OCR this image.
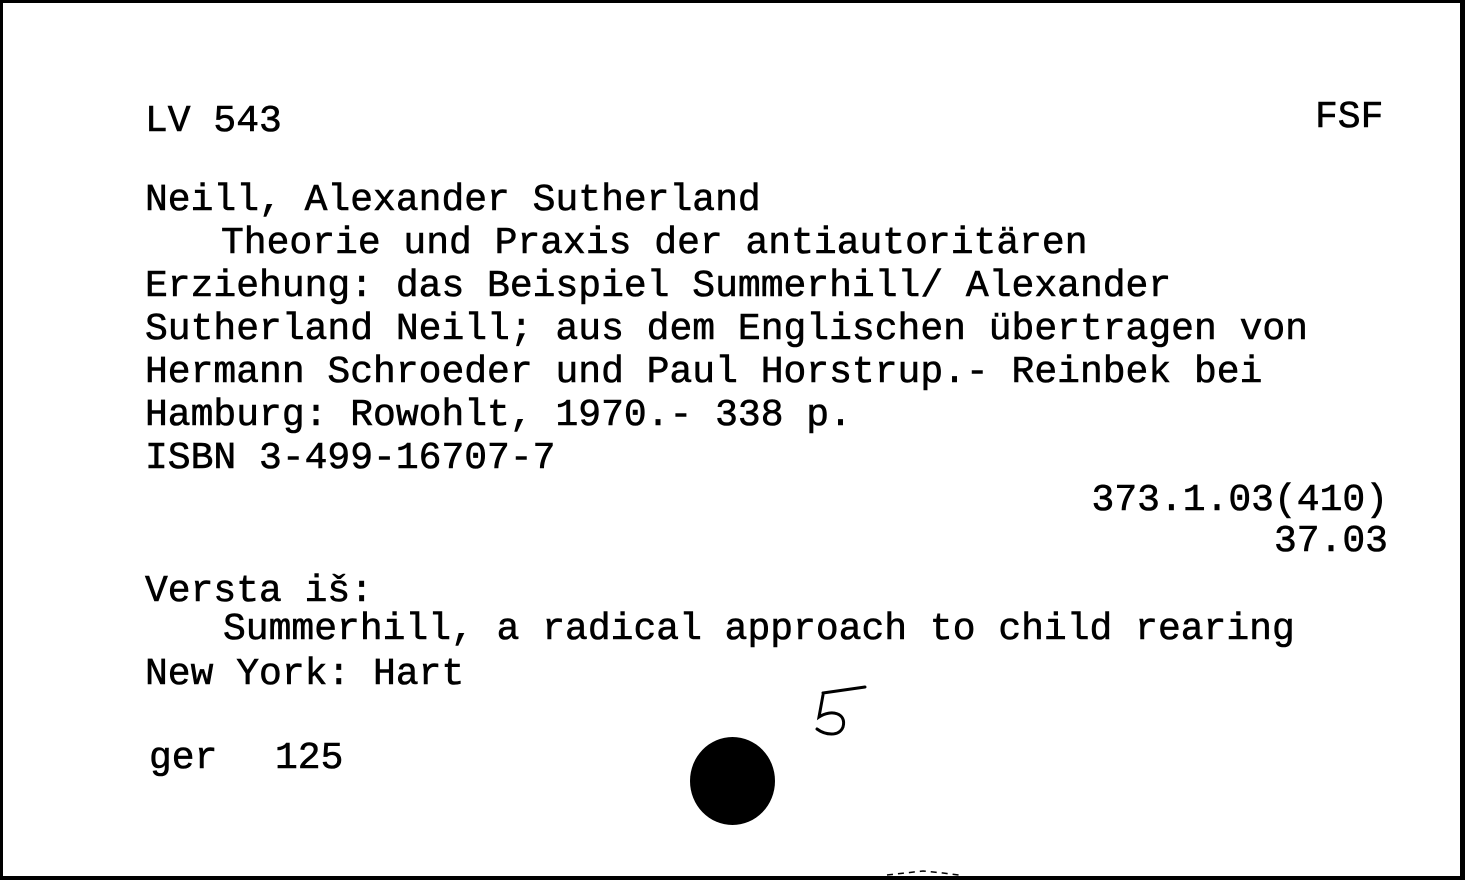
LV 543	FSF
Neill, Alexander Sutherland
Theorie und Praxis der antiautoritären
Erziehung: das Beispiel Summerhill/ Alexander
Sutherland Neill; aus dem Englischen übertragen von
Hermann Schroeder und Paul Horstrup.- Reinbek bei
Hamburg: Rowohlt, 1970.- 338 p.
ISBN 3-499-16707-7
373.1.03(410)
37.03
Versta iš:
Summerhill, a radical approach to child rearing
New York: Hart
ger 125
